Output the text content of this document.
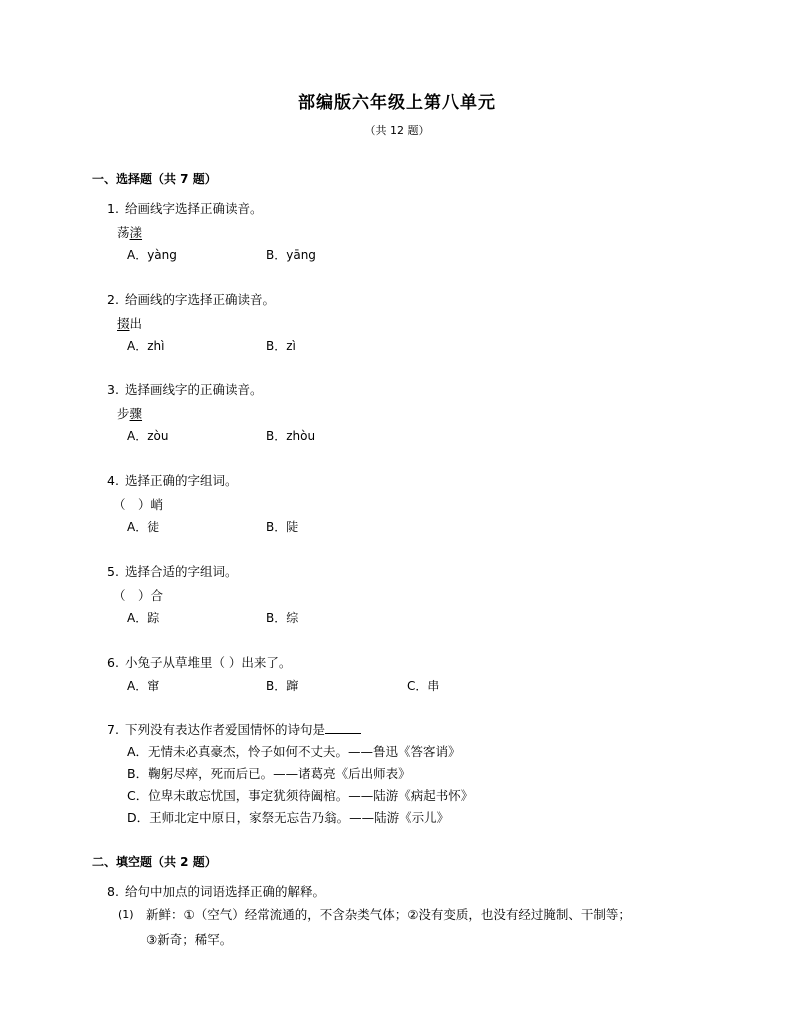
部编版六年级上第八单元
（共 12 题）
一、选择题（共 7 题）
1. 给画线字选择正确读音。
荡漾
A．yàng	B．yāng
2. 给画线的字选择正确读音。
掇出
A．zhì	B．zì
3. 选择画线字的正确读音。
步骤
A．zòu	B．zhòu
4. 选择正确的字组词。
（　）峭
A．徒	B．陡
5. 选择合适的字组词。
（　）合
A．踪	B．综
6. 小兔子从草堆里（ ）出来了。
A．窜	B．蹿	C．串
7. 下列没有表达作者爱国情怀的诗句是
A．无情未必真豪杰，怜子如何不丈夫。——鲁迅《答客诮》
B．鞠躬尽瘁，死而后已。——诸葛亮《后出师表》
C．位卑未敢忘忧国，事定犹须待阖棺。——陆游《病起书怀》
D．王师北定中原日，家祭无忘告乃翁。——陆游《示儿》
二、填空题（共 2 题）
8. 给句中加点的词语选择正确的解释。
(1) 新鲜：①（空气）经常流通的，不含杂类气体；②没有变质，也没有经过腌制、干制等；
③新奇；稀罕。
